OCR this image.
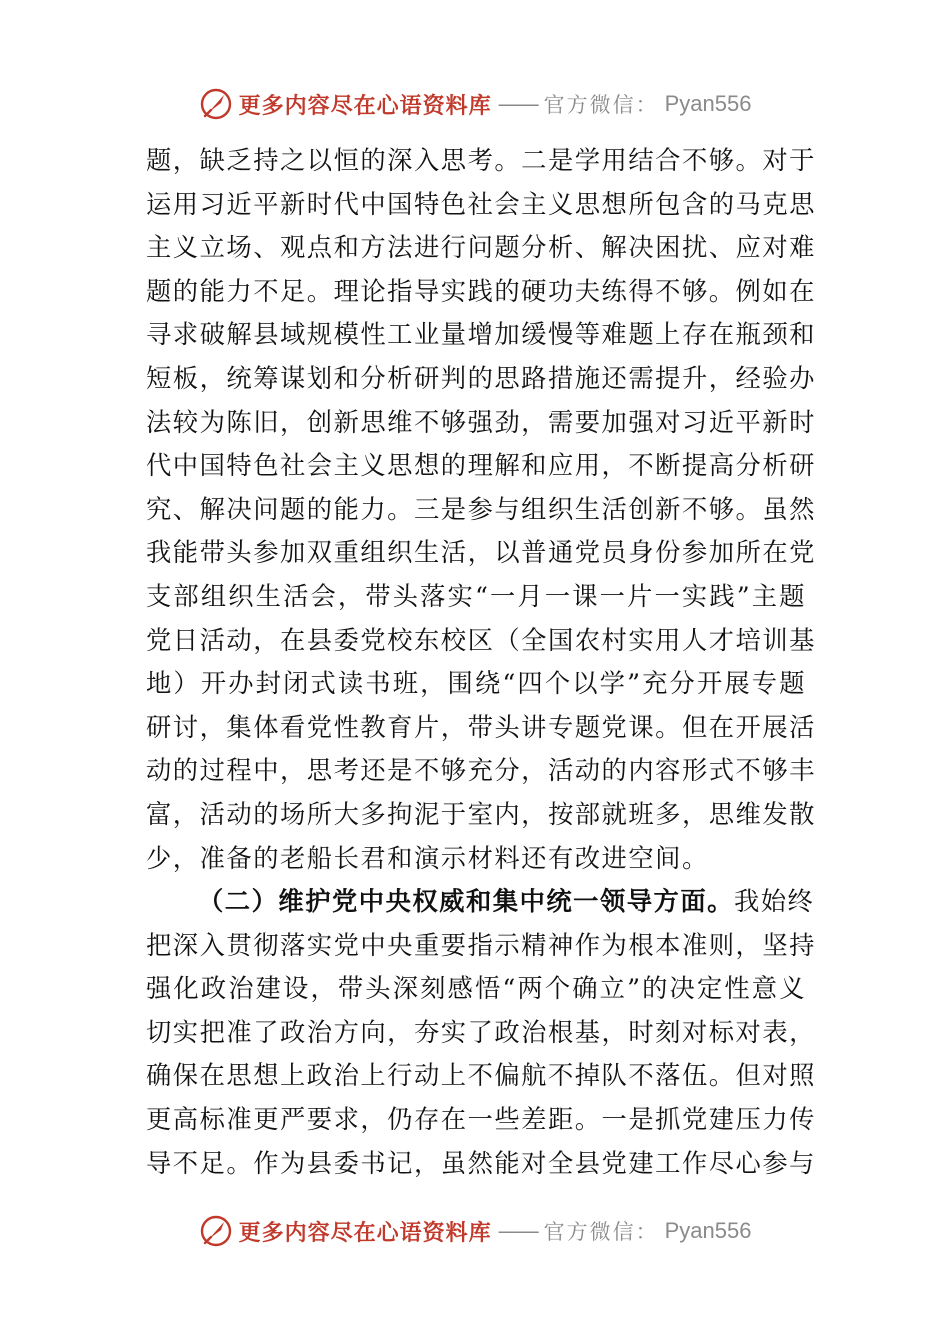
更多内容尽在心语资料库 —— 官方微信： Pyan556
题，缺乏持之以恒的深入思考。二是学用结合不够。对于
运用习近平新时代中国特色社会主义思想所包含的马克思
主义立场、观点和方法进行问题分析、解决困扰、应对难
题的能力不足。理论指导实践的硬功夫练得不够。例如在
寻求破解县域规模性工业量增加缓慢等难题上存在瓶颈和
短板，统筹谋划和分析研判的思路措施还需提升，经验办
法较为陈旧，创新思维不够强劲，需要加强对习近平新时
代中国特色社会主义思想的理解和应用，不断提高分析研
究、解决问题的能力。三是参与组织生活创新不够。虽然
我能带头参加双重组织生活，以普通党员身份参加所在党
支部组织生活会，带头落实“一月一课一片一实践”主题
党日活动，在县委党校东校区（全国农村实用人才培训基
地）开办封闭式读书班，围绕“四个以学”充分开展专题
研讨，集体看党性教育片，带头讲专题党课。但在开展活
动的过程中，思考还是不够充分，活动的内容形式不够丰
富，活动的场所大多拘泥于室内，按部就班多，思维发散
少，准备的老船长君和演示材料还有改进空间。
（二）维护党中央权威和集中统一领导方面。我始终
把深入贯彻落实党中央重要指示精神作为根本准则，坚持
强化政治建设，带头深刻感悟“两个确立”的决定性意义
切实把准了政治方向，夯实了政治根基，时刻对标对表，
确保在思想上政治上行动上不偏航不掉队不落伍。但对照
更高标准更严要求，仍存在一些差距。一是抓党建压力传
导不足。作为县委书记，虽然能对全县党建工作尽心参与
更多内容尽在心语资料库 —— 官方微信： Pyan556
